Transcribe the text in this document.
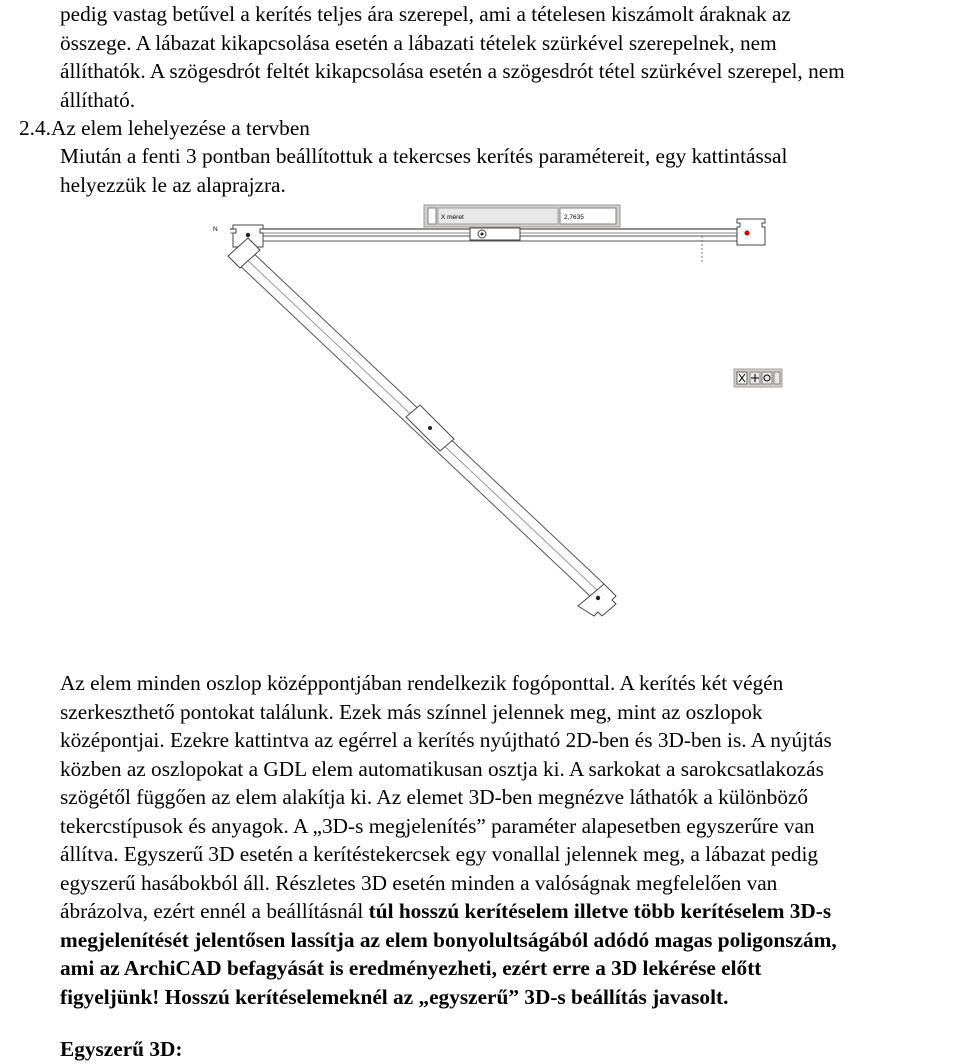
pedig vastag betűvel a kerítés teljes ára szerepel, ami a tételesen kiszámolt áraknak az
összege. A lábazat kikapcsolása esetén a lábazati tételek szürkével szerepelnek, nem
állíthatók. A szögesdrót feltét kikapcsolása esetén a szögesdrót tétel szürkével szerepel, nem
állítható.
2.4.Az elem lehelyezése a tervben
Miután a fenti 3 pontban beállítottuk a tekercses kerítés paramétereit, egy kattintással
helyezzük le az alaprajzra.
N
X méret	2,7635
Az elem minden oszlop középpontjában rendelkezik fogóponttal. A kerítés két végén
szerkeszthető pontokat találunk. Ezek más színnel jelennek meg, mint az oszlopok
középontjai. Ezekre kattintva az egérrel a kerítés nyújtható 2D-ben és 3D-ben is. A nyújtás
közben az oszlopokat a GDL elem automatikusan osztja ki. A sarkokat a sarokcsatlakozás
szögétől függően az elem alakítja ki. Az elemet 3D-ben megnézve láthatók a különböző
tekercstípusok és anyagok. A „3D-s megjelenítés” paraméter alapesetben egyszerűre van
állítva. Egyszerű 3D esetén a kerítéstekercsek egy vonallal jelennek meg, a lábazat pedig
egyszerű hasábokból áll. Részletes 3D esetén minden a valóságnak megfelelően van
ábrázolva, ezért ennél a beállításnál túl hosszú kerítéselem illetve több kerítéselem 3D-s
megjelenítését jelentősen lassítja az elem bonyolultságából adódó magas poligonszám,
ami az ArchiCAD befagyását is eredményezheti, ezért erre a 3D lekérése előtt
figyeljünk! Hosszú kerítéselemeknél az „egyszerű” 3D-s beállítás javasolt.
Egyszerű 3D:
